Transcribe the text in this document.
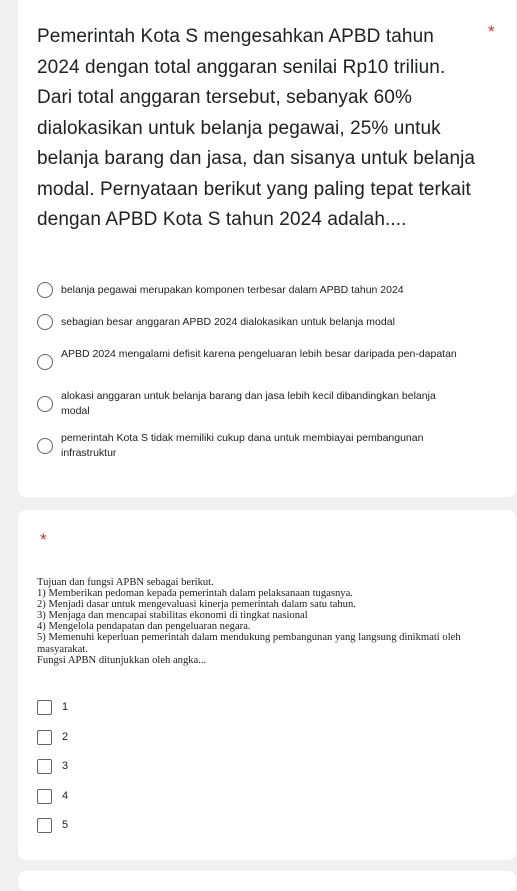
Pemerintah Kota S mengesahkan APBD tahun 2024 dengan total anggaran senilai Rp10 triliun. Dari total anggaran tersebut, sebanyak 60% dialokasikan untuk belanja pegawai, 25% untuk belanja barang dan jasa, dan sisanya untuk belanja modal. Pernyataan berikut yang paling tepat terkait dengan APBD Kota S tahun 2024 adalah....
*
belanja pegawai merupakan komponen terbesar dalam APBD tahun 2024
sebagian besar anggaran APBD 2024 dialokasikan untuk belanja modal
APBD 2024 mengalami defisit karena pengeluaran lebih besar daripada pen-dapatan
alokasi anggaran untuk belanja barang dan jasa lebih kecil dibandingkan belanja modal
pemerintah Kota S tidak memiliki cukup dana untuk membiayai pembangunan infrastruktur
*

Tujuan dan fungsi APBN sebagai berikut.

1) Memberikan pedoman kepada pemerintah dalam pelaksanaan tugasnya.

2) Menjadi dasar untuk mengevaluasi kinerja pemerintah dalam satu tahun.

3) Menjaga dan mencapai stabilitas ekonomi di tingkat nasional

4) Mengelola pendapatan dan pengeluaran negara.

5) Memenuhi keperluan pemerintah dalam mendukung pembangunan yang langsung dinikmati oleh masyarakat.

Fungsi APBN ditunjukkan oleh angka...

1
2
3
4
5
